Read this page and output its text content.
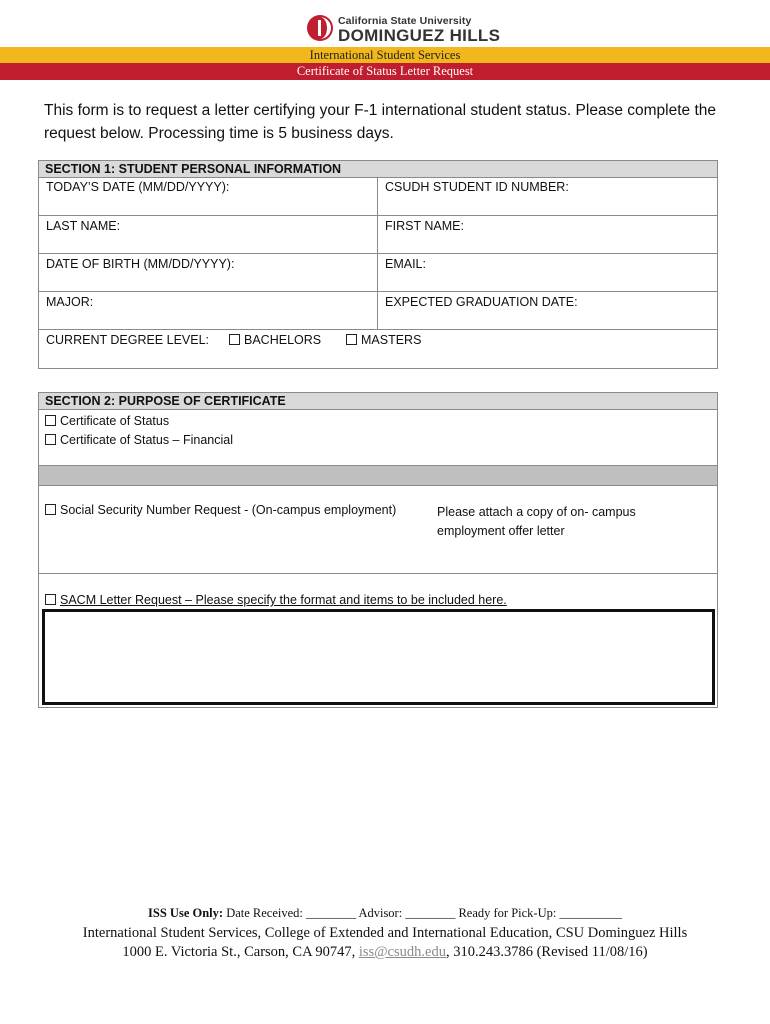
California State University
DOMINGUEZ HILLS
International Student Services
Certificate of Status Letter Request

This form is to request a letter certifying your F-1 international student status. Please complete the request below. Processing time is 5 business days.

SECTION 1: STUDENT PERSONAL INFORMATION
TODAY’S DATE (MM/DD/YYYY):	CSUDH STUDENT ID NUMBER:
LAST NAME:	FIRST NAME:
DATE OF BIRTH (MM/DD/YYYY):	EMAIL:
MAJOR:	EXPECTED GRADUATION DATE:
CURRENT DEGREE LEVEL:	BACHELORS	MASTERS
SECTION 2: PURPOSE OF CERTIFICATE
Certificate of Status
Certificate of Status – Financial
Social Security Number Request - (On-campus employment)	Please attach a copy of on- campus employment offer letter
SACM Letter Request – Please specify the format and items to be included here.
ISS Use Only: Date Received: ________ Advisor: ________ Ready for Pick-Up: __________
International Student Services, College of Extended and International Education, CSU Dominguez Hills
1000 E. Victoria St., Carson, CA 90747, iss@csudh.edu, 310.243.3786 (Revised 11/08/16)
